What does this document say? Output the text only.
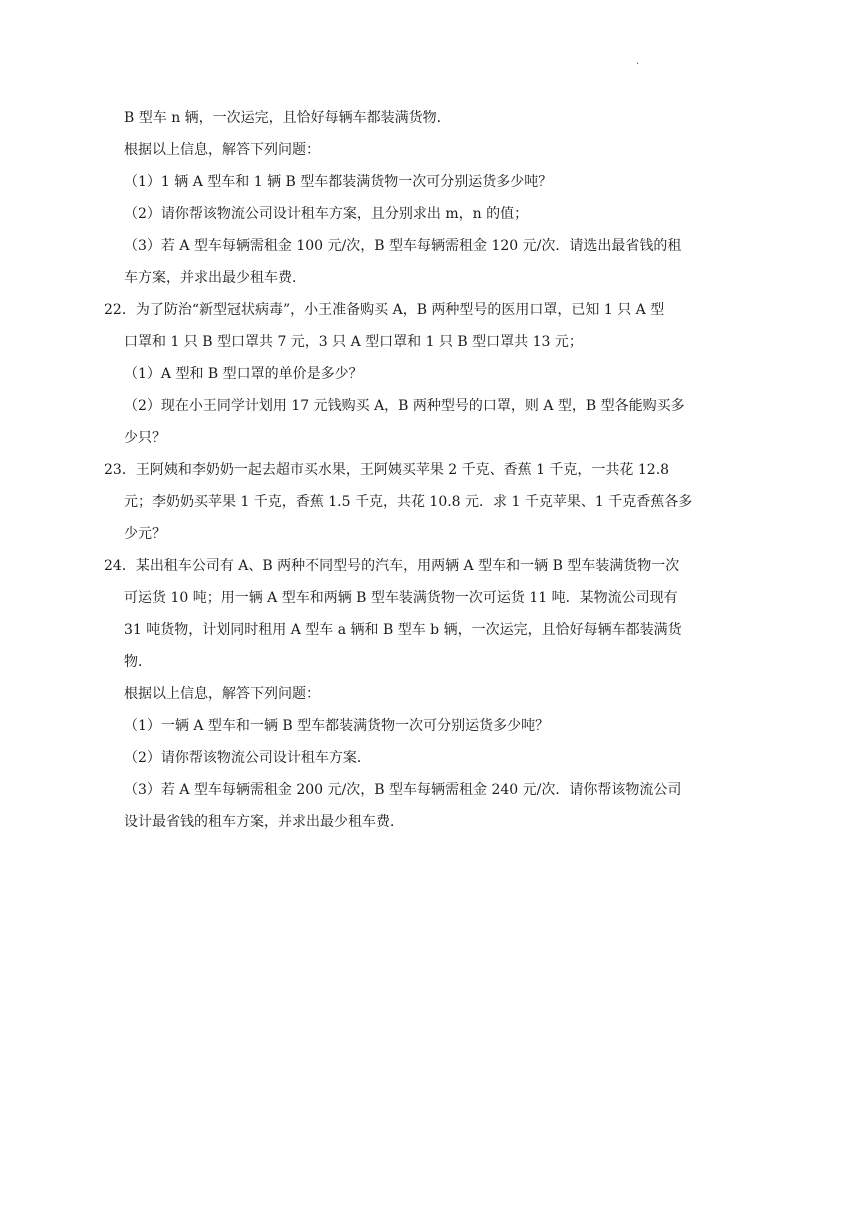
.
B 型车 n 辆，一次运完，且恰好每辆车都装满货物．
根据以上信息，解答下列问题：
（1）1 辆 A 型车和 1 辆 B 型车都装满货物一次可分别运货多少吨？
（2）请你帮该物流公司设计租车方案，且分别求出 m，n 的值；
（3）若 A 型车每辆需租金 100 元/次，B 型车每辆需租金 120 元/次．请选出最省钱的租
车方案，并求出最少租车费．
22．为了防治“新型冠状病毒”，小王准备购买 A，B 两种型号的医用口罩，已知 1 只 A 型
口罩和 1 只 B 型口罩共 7 元，3 只 A 型口罩和 1 只 B 型口罩共 13 元；
（1）A 型和 B 型口罩的单价是多少？
（2）现在小王同学计划用 17 元钱购买 A，B 两种型号的口罩，则 A 型，B 型各能购买多
少只？
23．王阿姨和李奶奶一起去超市买水果，王阿姨买苹果 2 千克、香蕉 1 千克，一共花 12.8
元；李奶奶买苹果 1 千克，香蕉 1.5 千克，共花 10.8 元．求 1 千克苹果、1 千克香蕉各多
少元？
24．某出租车公司有 A、B 两种不同型号的汽车，用两辆 A 型车和一辆 B 型车装满货物一次
可运货 10 吨；用一辆 A 型车和两辆 B 型车装满货物一次可运货 11 吨．某物流公司现有
31 吨货物，计划同时租用 A 型车 a 辆和 B 型车 b 辆，一次运完，且恰好每辆车都装满货
物．
根据以上信息，解答下列问题：
（1）一辆 A 型车和一辆 B 型车都装满货物一次可分别运货多少吨？
（2）请你帮该物流公司设计租车方案．
（3）若 A 型车每辆需租金 200 元/次，B 型车每辆需租金 240 元/次．请你帮该物流公司
设计最省钱的租车方案，并求出最少租车费．
